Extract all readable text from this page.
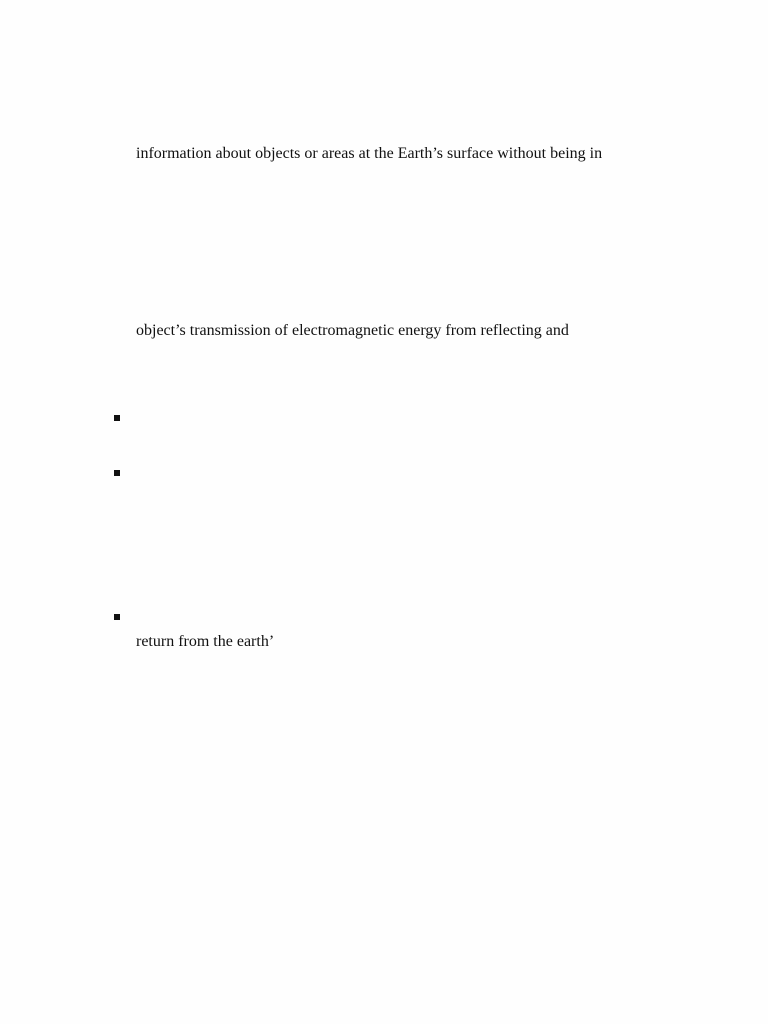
information about objects or areas at the Earth’s surface without being in
object’s transmission of electromagnetic energy from reflecting and
return from the earth’
